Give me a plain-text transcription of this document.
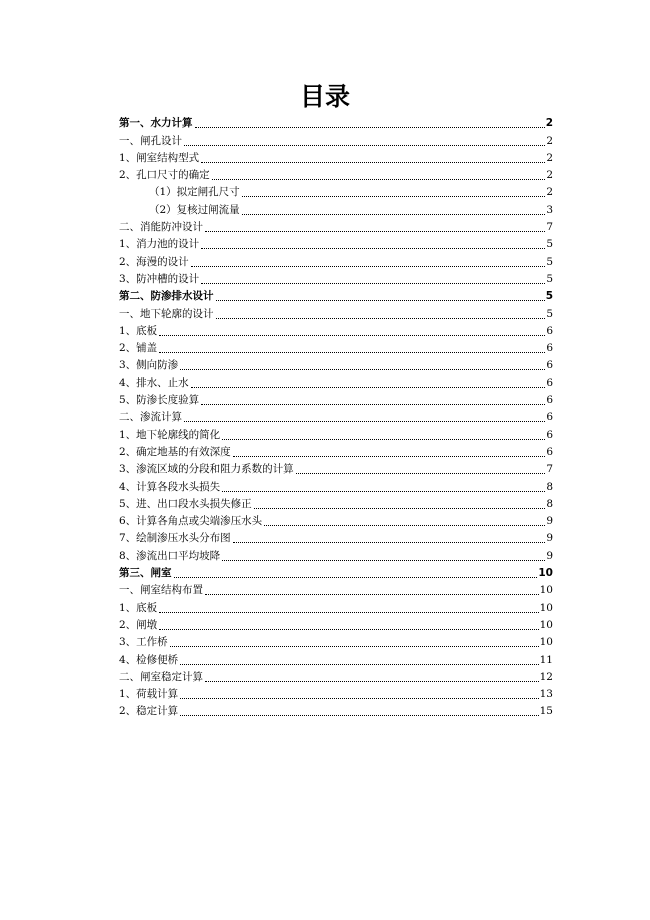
目录
第一、水力计算	2
一、闸孔设计	2
1、闸室结构型式	2
2、孔口尺寸的确定	2
（1）拟定闸孔尺寸	2
（2）复核过闸流量	3
二、消能防冲设计	7
1、消力池的设计	5
2、海漫的设计	5
3、防冲槽的设计	5
第二、防渗排水设计	5
一、地下轮廓的设计	5
1、底板	6
2、铺盖	6
3、侧向防渗	6
4、排水、止水	6
5、防渗长度验算	6
二、渗流计算	6
1、地下轮廓线的简化	6
2、确定地基的有效深度	6
3、渗流区域的分段和阻力系数的计算	7
4、计算各段水头损失	8
5、进、出口段水头损失修正	8
6、计算各角点或尖端渗压水头	9
7、绘制渗压水头分布图	9
8、渗流出口平均坡降	9
第三、闸室	10
一、闸室结构布置	10
1、底板	10
2、闸墩	10
3、工作桥	10
4、检修便桥	11
二、闸室稳定计算	12
1、荷载计算	13
2、稳定计算	15
